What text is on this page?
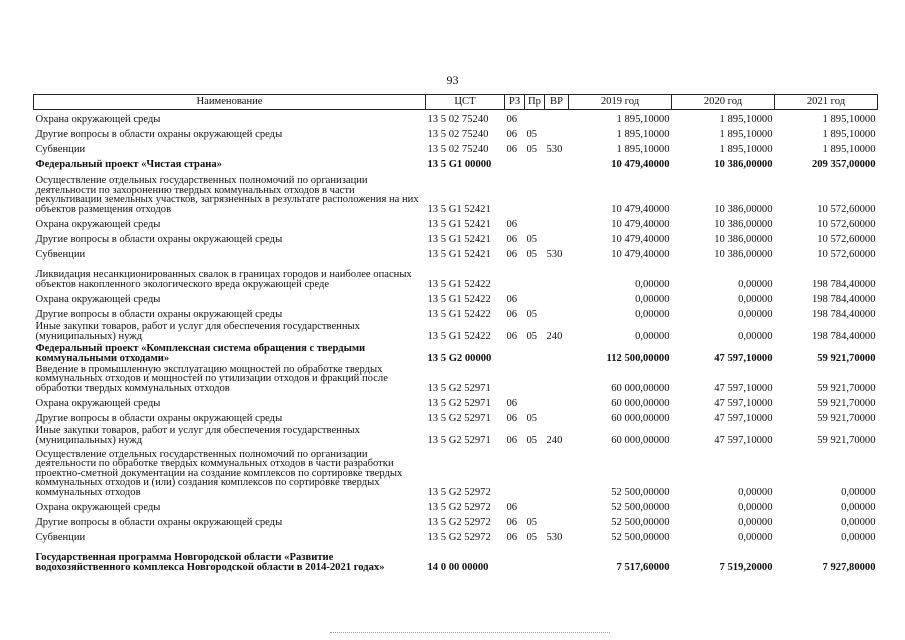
93
Наименование	ЦСТ	РЗ	Пр	ВР	2019 год	2020 год	2021 год
Охрана окружающей среды	13 5 02 75240	06			1 895,10000	1 895,10000	1 895,10000
Другие вопросы в области охраны окружающей среды	13 5 02 75240	06	05		1 895,10000	1 895,10000	1 895,10000
Субвенции	13 5 02 75240	06	05	530	1 895,10000	1 895,10000	1 895,10000
Федеральный проект «Чистая страна»	13 5 G1 00000				10 479,40000	10 386,00000	209 357,00000
Осуществление отдельных государственных полномочий по организации деятельности по захоронению твердых коммунальных отходов в части рекультивации земельных участков, загрязненных в результате расположения на них объектов размещения отходов	13 5 G1 52421				10 479,40000	10 386,00000	10 572,60000
Охрана окружающей среды	13 5 G1 52421	06			10 479,40000	10 386,00000	10 572,60000
Другие вопросы в области охраны окружающей среды	13 5 G1 52421	06	05		10 479,40000	10 386,00000	10 572,60000
Субвенции	13 5 G1 52421	06	05	530	10 479,40000	10 386,00000	10 572,60000
Ликвидация несанкционированных свалок в границах городов и наиболее опасных объектов накопленного экологического вреда окружающей среде	13 5 G1 52422				0,00000	0,00000	198 784,40000
Охрана окружающей среды	13 5 G1 52422	06			0,00000	0,00000	198 784,40000
Другие вопросы в области охраны окружающей среды	13 5 G1 52422	06	05		0,00000	0,00000	198 784,40000
Иные закупки товаров, работ и услуг для обеспечения государственных (муниципальных) нужд	13 5 G1 52422	06	05	240	0,00000	0,00000	198 784,40000
Федеральный проект «Комплексная система обращения с твердыми коммунальными отходами»	13 5 G2 00000				112 500,00000	47 597,10000	59 921,70000
Введение в промышленную эксплуатацию мощностей по обработке твердых коммунальных отходов и мощностей по утилизации отходов и фракций после обработки твердых коммунальных отходов	13 5 G2 52971				60 000,00000	47 597,10000	59 921,70000
Охрана окружающей среды	13 5 G2 52971	06			60 000,00000	47 597,10000	59 921,70000
Другие вопросы в области охраны окружающей среды	13 5 G2 52971	06	05		60 000,00000	47 597,10000	59 921,70000
Иные закупки товаров, работ и услуг для обеспечения государственных (муниципальных) нужд	13 5 G2 52971	06	05	240	60 000,00000	47 597,10000	59 921,70000
Осуществление отдельных государственных полномочий по организации деятельности по обработке твердых коммунальных отходов в части разработки проектно-сметной документации на создание комплексов по сортировке твердых коммунальных отходов и (или) создания комплексов по сортировке твердых коммунальных отходов	13 5 G2 52972				52 500,00000	0,00000	0,00000
Охрана окружающей среды	13 5 G2 52972	06			52 500,00000	0,00000	0,00000
Другие вопросы в области охраны окружающей среды	13 5 G2 52972	06	05		52 500,00000	0,00000	0,00000
Субвенции	13 5 G2 52972	06	05	530	52 500,00000	0,00000	0,00000
Государственная программа Новгородской области «Развитие водохозяйственного комплекса Новгородской области в 2014-2021 годах»	14 0 00 00000				7 517,60000	7 519,20000	7 927,80000
